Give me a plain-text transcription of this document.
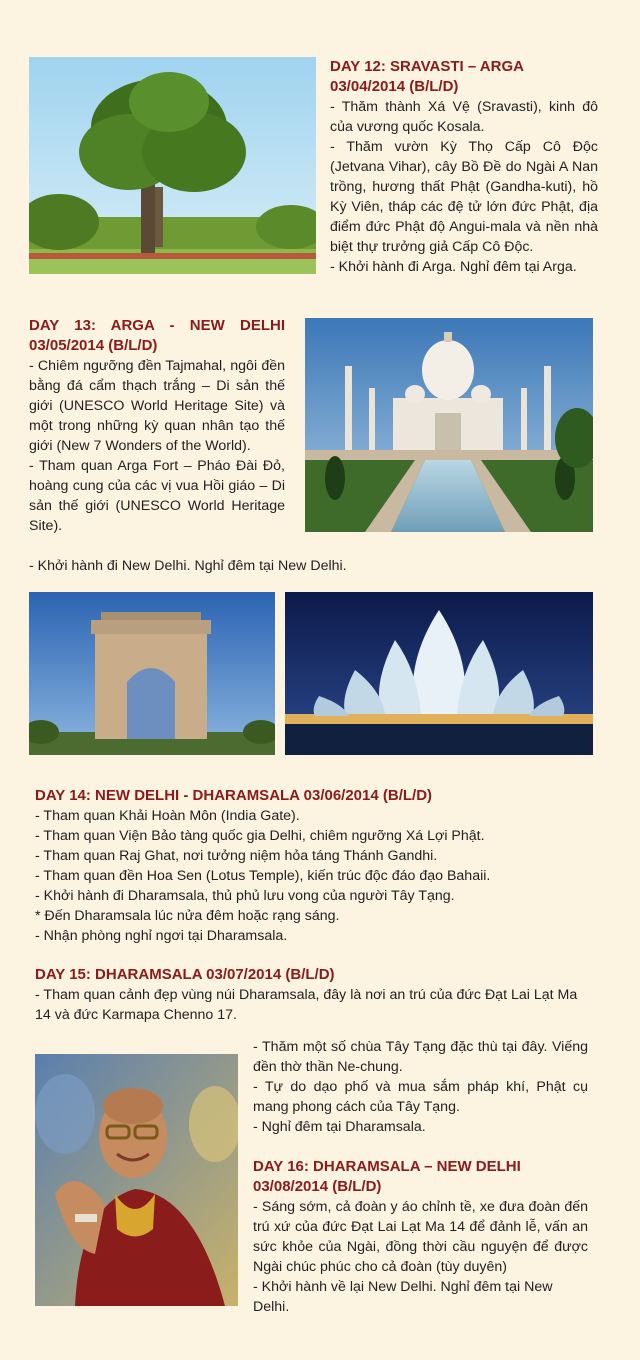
DAY 12: SRAVASTI – ARGA
03/04/2014 (B/L/D)
- Thăm thành Xá Vệ (Sravasti), kinh đô của vương quốc Kosala.
- Thăm vườn Kỳ Thọ Cấp Cô Độc (Jetvana Vihar), cây Bồ Đề do Ngài A Nan trồng, hương thất Phật (Gandha-kuti), hồ Kỳ Viên, tháp các đệ tử lớn đức Phật, địa điểm đức Phật độ Angui-mala và nền nhà biệt thự trưởng giả Cấp Cô Độc.
- Khởi hành đi Arga. Nghỉ đêm tại Arga.
DAY 13: ARGA - NEW DELHI
03/05/2014 (B/L/D)
- Chiêm ngưỡng đền Tajmahal, ngôi đền bằng đá cẩm thạch trắng – Di sản thế giới (UNESCO World Heritage Site) và một trong những kỳ quan nhân tạo thế giới (New 7 Wonders of the World).
- Tham quan Arga Fort – Pháo Đài Đỏ, hoàng cung của các vị vua Hồi giáo – Di sản thế giới (UNESCO World Heritage Site).
- Khởi hành đi New Delhi. Nghỉ đêm tại New Delhi.
DAY 14: NEW DELHI - DHARAMSALA 03/06/2014 (B/L/D)
- Tham quan Khải Hoàn Môn (India Gate).
- Tham quan Viện Bảo tàng quốc gia Delhi, chiêm ngưỡng Xá Lợi Phật.
- Tham quan Raj Ghat, nơi tưởng niệm hỏa táng Thánh Gandhi.
- Tham quan đền Hoa Sen (Lotus Temple), kiến trúc độc đáo đạo Bahaii.
- Khởi hành đi Dharamsala, thủ phủ lưu vong của người Tây Tạng.
* Đến Dharamsala lúc nửa đêm hoặc rạng sáng.
- Nhận phòng nghỉ ngơi tại Dharamsala.
DAY 15: DHARAMSALA 03/07/2014 (B/L/D)
- Tham quan cảnh đẹp vùng núi Dharamsala, đây là nơi an trú của đức Đạt Lai Lạt Ma 14 và đức Karmapa Chenno 17.
- Thăm một số chùa Tây Tạng đặc thù tại đây. Viếng đền thờ thần Ne-chung.
- Tự do dạo phố và mua sắm pháp khí, Phật cụ mang phong cách của Tây Tạng.
- Nghỉ đêm tại Dharamsala.
DAY 16: DHARAMSALA – NEW DELHI
03/08/2014 (B/L/D)
- Sáng sớm, cả đoàn y áo chỉnh tề, xe đưa đoàn đến trú xứ của đức Đạt Lai Lạt Ma 14 để đảnh lễ, vấn an sức khỏe của Ngài, đồng thời cầu nguyện để được Ngài chúc phúc cho cả đoàn (tùy duyên)
- Khởi hành về lại New Delhi. Nghỉ đêm tại New Delhi.
